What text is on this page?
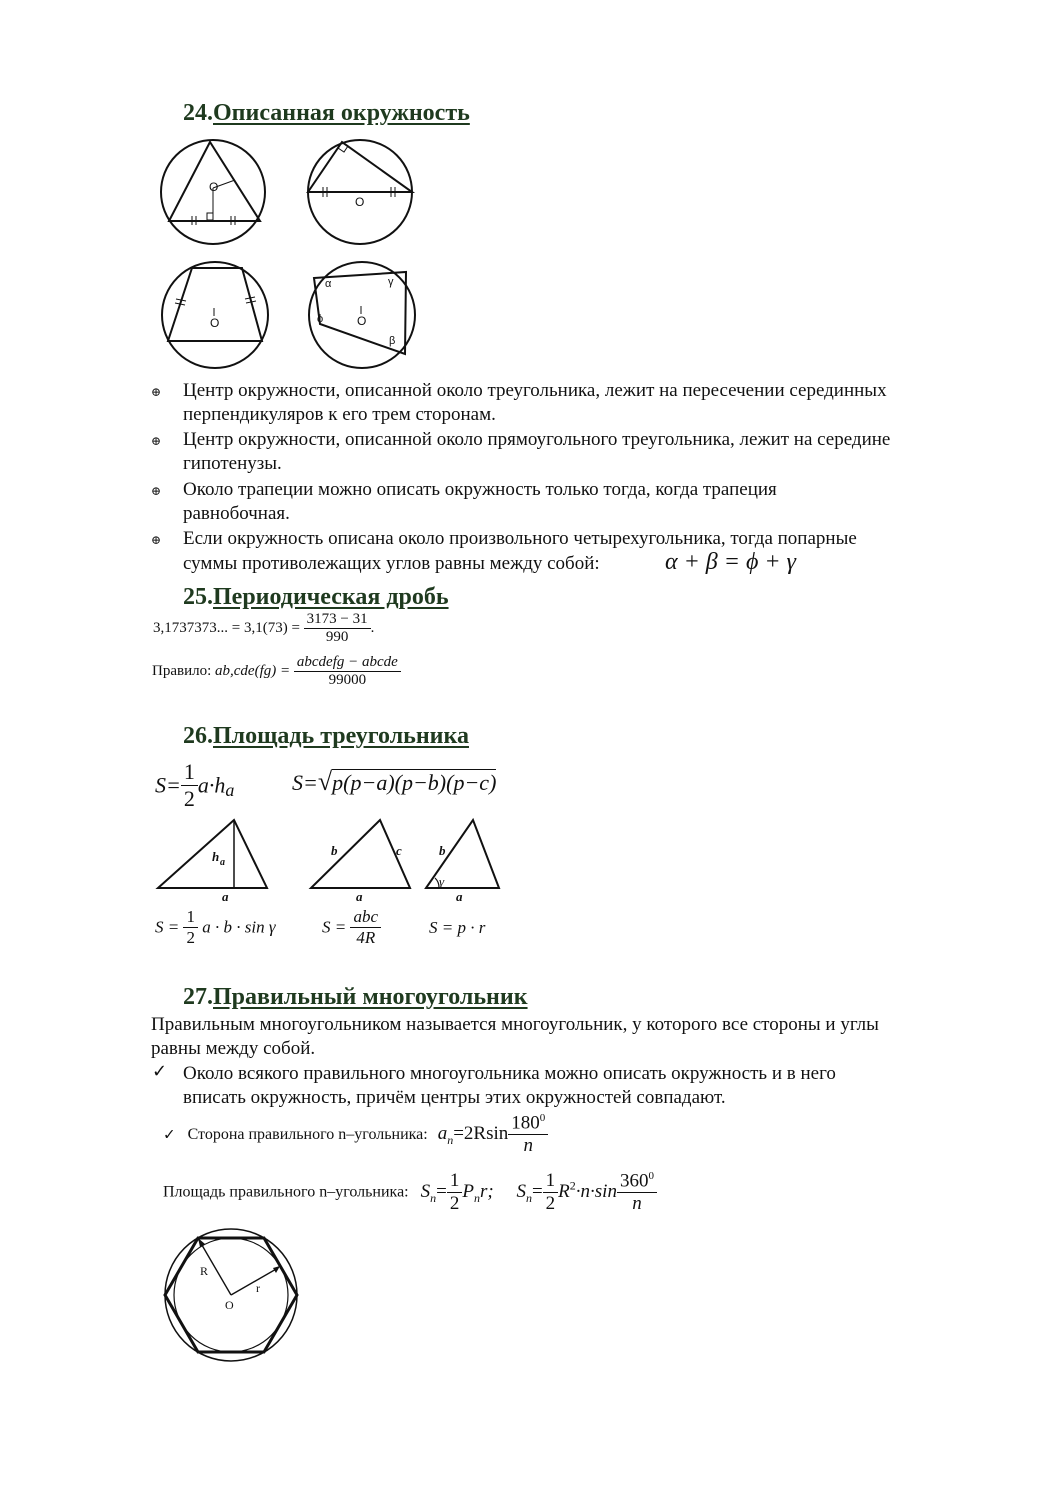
24.Описанная окружность
O
O
O
α	γ
ϕ
β
O
⊕ Центр окружности, описанной около треугольника, лежит на пересечении серединных
перпендикуляров к его трем сторонам.
⊕ Центр окружности, описанной около прямоугольного треугольника, лежит на середине
гипотенузы.
⊕ Около трапеции можно описать окружность только тогда, когда трапеция
равнобочная.
⊕ Если окружность описана около произвольного четырехугольника, тогда попарные
суммы противолежащих углов равны между собой:	α + β = ϕ + γ
25.Периодическая дробь
3,1737373... = $3,1(73) = \frac{3173 - 31}{990}$ .
Правило: $ab,cde(fg) = \frac{\text{abcdefg − abcde}}{99000}$
26.Площадь треугольника
$S= \frac{1}{2} a\cdot h_a$	S=√p(p−a)(p−b)(p−c)
h a
a
b	c
a
b
γ
a
$S = \frac{1}{2}$ a · b · sin γ	$S = \frac{\text{abc}}{4R}$	S = p · r
27.Правильный многоугольник
Правильным многоугольником называется многоугольник, у которого все стороны и углы
равны между собой.
✓ Около всякого правильного многоугольника можно описать окружность и в него
вписать окружность, причём центры этих окружностей совпадают.
✓ Сторона правильного n–угольника: $a_n=2Rsin \frac{180^0}{n}$
Площадь правильного n–угольника: $S_n= \frac{1}{2} P_nr$; $S_n= \frac{1}{2} R^2\cdot n\cdot\sin \frac{360^0}{n}$
R
r
O
